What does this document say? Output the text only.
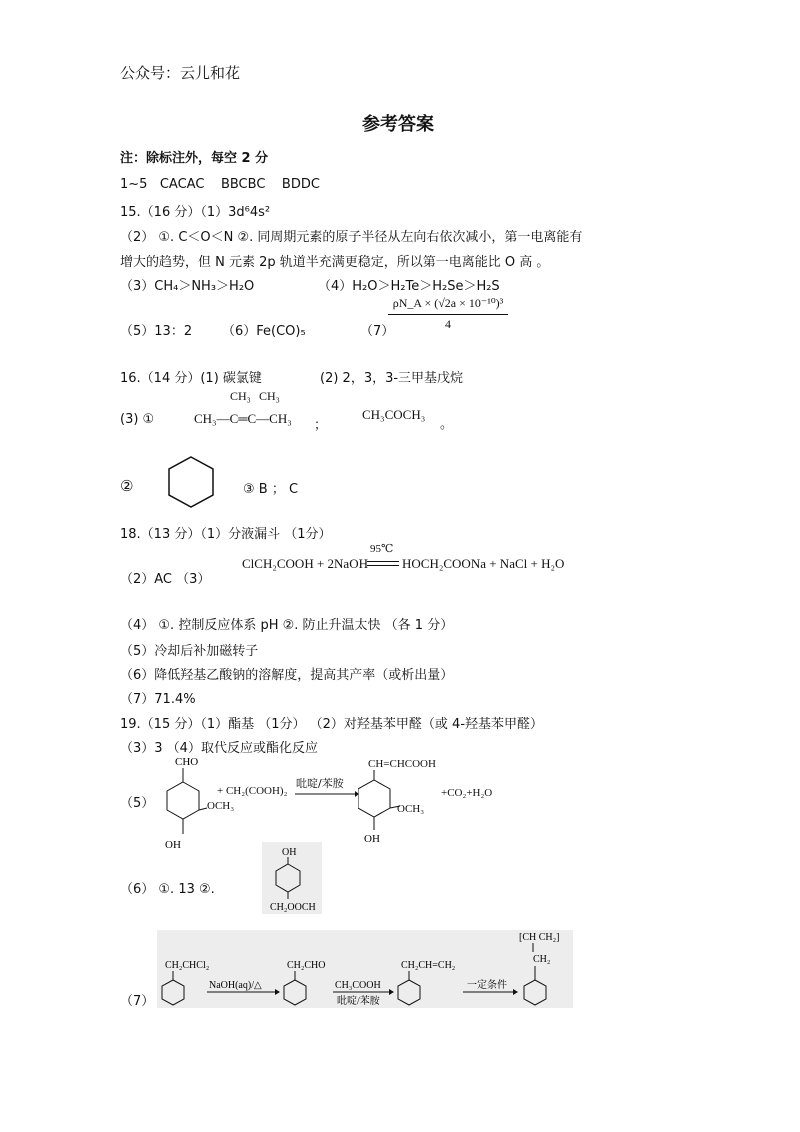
公众号：云儿和花
参考答案
注：除标注外，每空 2 分
1~5 CACAC BBCBC BDDC
15.（16 分）（1）3d⁶4s²
（2） ①. C＜O＜N ②. 同周期元素的原子半径从左向右依次减小，第一电离能有
增大的趋势，但 N 元素 2p 轨道半充满更稳定，所以第一电离能比 O 高 。
（3）CH₄＞NH₃＞H₂O	（4）H₂O＞H₂Te＞H₂Se＞H₂S
（5）13：2 （6）Fe(CO)₅	（7）
$\frac{\text{ρN\_A × (√2a × 10⁻¹⁰)³}}{4}$
16.（14 分）(1) 碳氯键	(2) 2，3，3-三甲基戊烷
(3) ①
CH₃ CH₃
CH₃—C═C—CH₃ ；
CH₃COCH₃
。
②	③ B ； C
18.（13 分）（1）分液漏斗 （1分）
（2）AC （3）
ClCH₂COOH + 2NaOH
95℃
HOCH₂COONa + NaCl + H₂O
（4） ①. 控制反应体系 pH ②. 防止升温太快 （各 1 分）
（5）冷却后补加磁转子
（6）降低羟基乙酸钠的溶解度，提高其产率（或析出量）
（7）71.4%
19.（15 分）（1）酯基 （1分） （2）对羟基苯甲醛（或 4-羟基苯甲醛）
（3）3 （4）取代反应或酯化反应
（5）
CHO
OH
OCH₃
+ CH₂(COOH)₂
吡啶/苯胺
OH
CH=CHCOOH
OCH₃
+CO₂+H₂O
（6） ①. 13 ②.
OH
CH₂OOCH
（7）
CH₂CHCl₂
NaOH(aq)/△
CH₂CHO
CH₃COOH
吡啶/苯胺
CH₂CH=CH₂
一定条件
[CH CH₂]
CH₂
